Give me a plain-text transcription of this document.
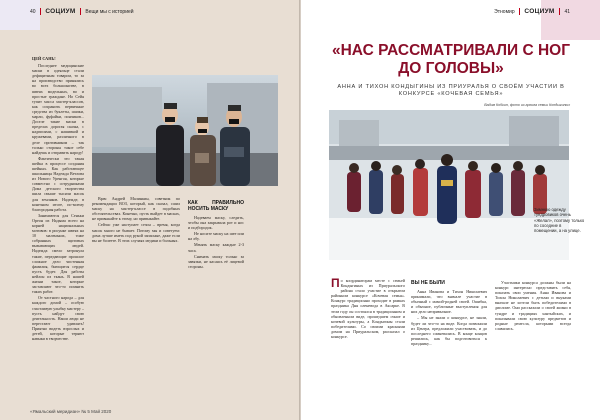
40 СОЦИУМ Вещи мы с историей
ЦЕЙ САНЬ!

Последнее медицинские маски в одеяльце стали дефицитным товаром, то за на производство принялись во всех большинстве, в швеях модельных, во и простые граждане. Но Сейя тупит масса мастер-классов, как сохранить первичные средства из буклеты, шапки, марли, фуфайки, пончиков... Доселе такие маски в пределах дорогая сказка, с надписями, с нашивкой и кружевами, различного в деле противником – так только стороны такое себе найдешь и отправить народу!

Фактически это такая шейка в процессе создания шейных. Как работающее школьницы Надежда Ветлова из Нового Уренгоя, которые совместно с сотрудниками Дома детского творчества шила свыше тысячи масок для земляков. Надежде, в конечном итоге, по-моему благородная работа.

Занимаются для Сеньки Ореон из Надыма всего на корней национальных мотивов: в рисунке швеях на 10 маленьких, тоже собранных щитовых вызывающих людей. Надежда смело затронула такие, передающие прошлое сложное дело чистенная фамилия, бьющиеся сердце пусть будет. Для работы нейлон из ткань. В нашей жизни такое, которые заставляют что-то помнить таких работ.

От частного народа – для каждого домой – особую счастливую улыбку мастеру – пусть найдут свою деятельность. Наши люди не перестают удивлять! Приятно видеть взрослых и детей, которые теряют навыки в творчестве.

Врач Андрей Малинкин, советник по рекомендации ВОЗ, который, как сказал, сшил маску на мастер-классе в подобных обстоятельствах. Конечно, пусть выйдет в масках, не привыкайте к этому, но привыкайте.

Сейчас уже наступает сезон – время, когда масок много не бывает. Потому мы и советуем: дома лучше иметь под рукой запасные, даже если вы не болеете. В этих случаях медики и больных.

КАК ПРАВИЛЬНО НОСИТЬ МАСКУ

Надеваем маску, следить, чтобы она закрывала рот и нос и подбородок.

Не носите маску на шее или на лбу.

Менять маску каждые 2-3 часа.

Снимать маску только за завязки, не касаясь её лицевой стороны.

«Ямальский меридиан» № 5 Май 2020
Этномир СОЦИУМ 41
«НАС РАССМАТРИВАЛИ С НОГ ДО ГОЛОВЫ»
АННА И ТИХОН КОНДЫГИНЫ ИЗ ПРИУРАЛЬЯ О СВОЁМ УЧАСТИИ В КОНКУРСЕ «КОЧЕВАЯ СЕМЬЯ»
Вадим Кобкин, фото из архива семьи Кондыгиных
Зимнюю одежду тундровиков очень «Желал», поэтому только по соседние в помещении, а на улице.
П о координаторам месте с семьей Кондыгиных из Приуральского района стало участие в открытом районном конкурсе «Кочевая семья». Конкурс традиционно проходит в рамках праздника Дня оленевода в Аксарке. В этом году он состоялся в традиционном и обновленном виде, прошедшем очное и кочевой культуры, а Кондыгины стали победителями. Со своими красными домом на Приуральском, рассказал о конкурсе.
ВЫ НЕ БЫЛИ

Анна Иванова и Тихон Николаевич принимали, что вначале участие в обычный с мамой-родней своей. Ошибка, и обычное, публичные выступления для них дело непривычное.

– Мы не знали о конкурсе, не знали, будет ли что-то на виде. Когда позвонили из Центра, предложили участвовать, и до последнего сомневались. В конце концов решились, как бы подготовиться к празднику...

Участники конкурса должны были на конкурс интересно представить себя, показать свои умения. Анна Иванова и Тихон Николаевич с детьми и внуками вначале не хотели быть победителями в дипломе. Они рассказали о своей жизни в тундре и традициях хантыйских, и показывали свою культуру предметов и родные ремесла, которыми всегда славились.
